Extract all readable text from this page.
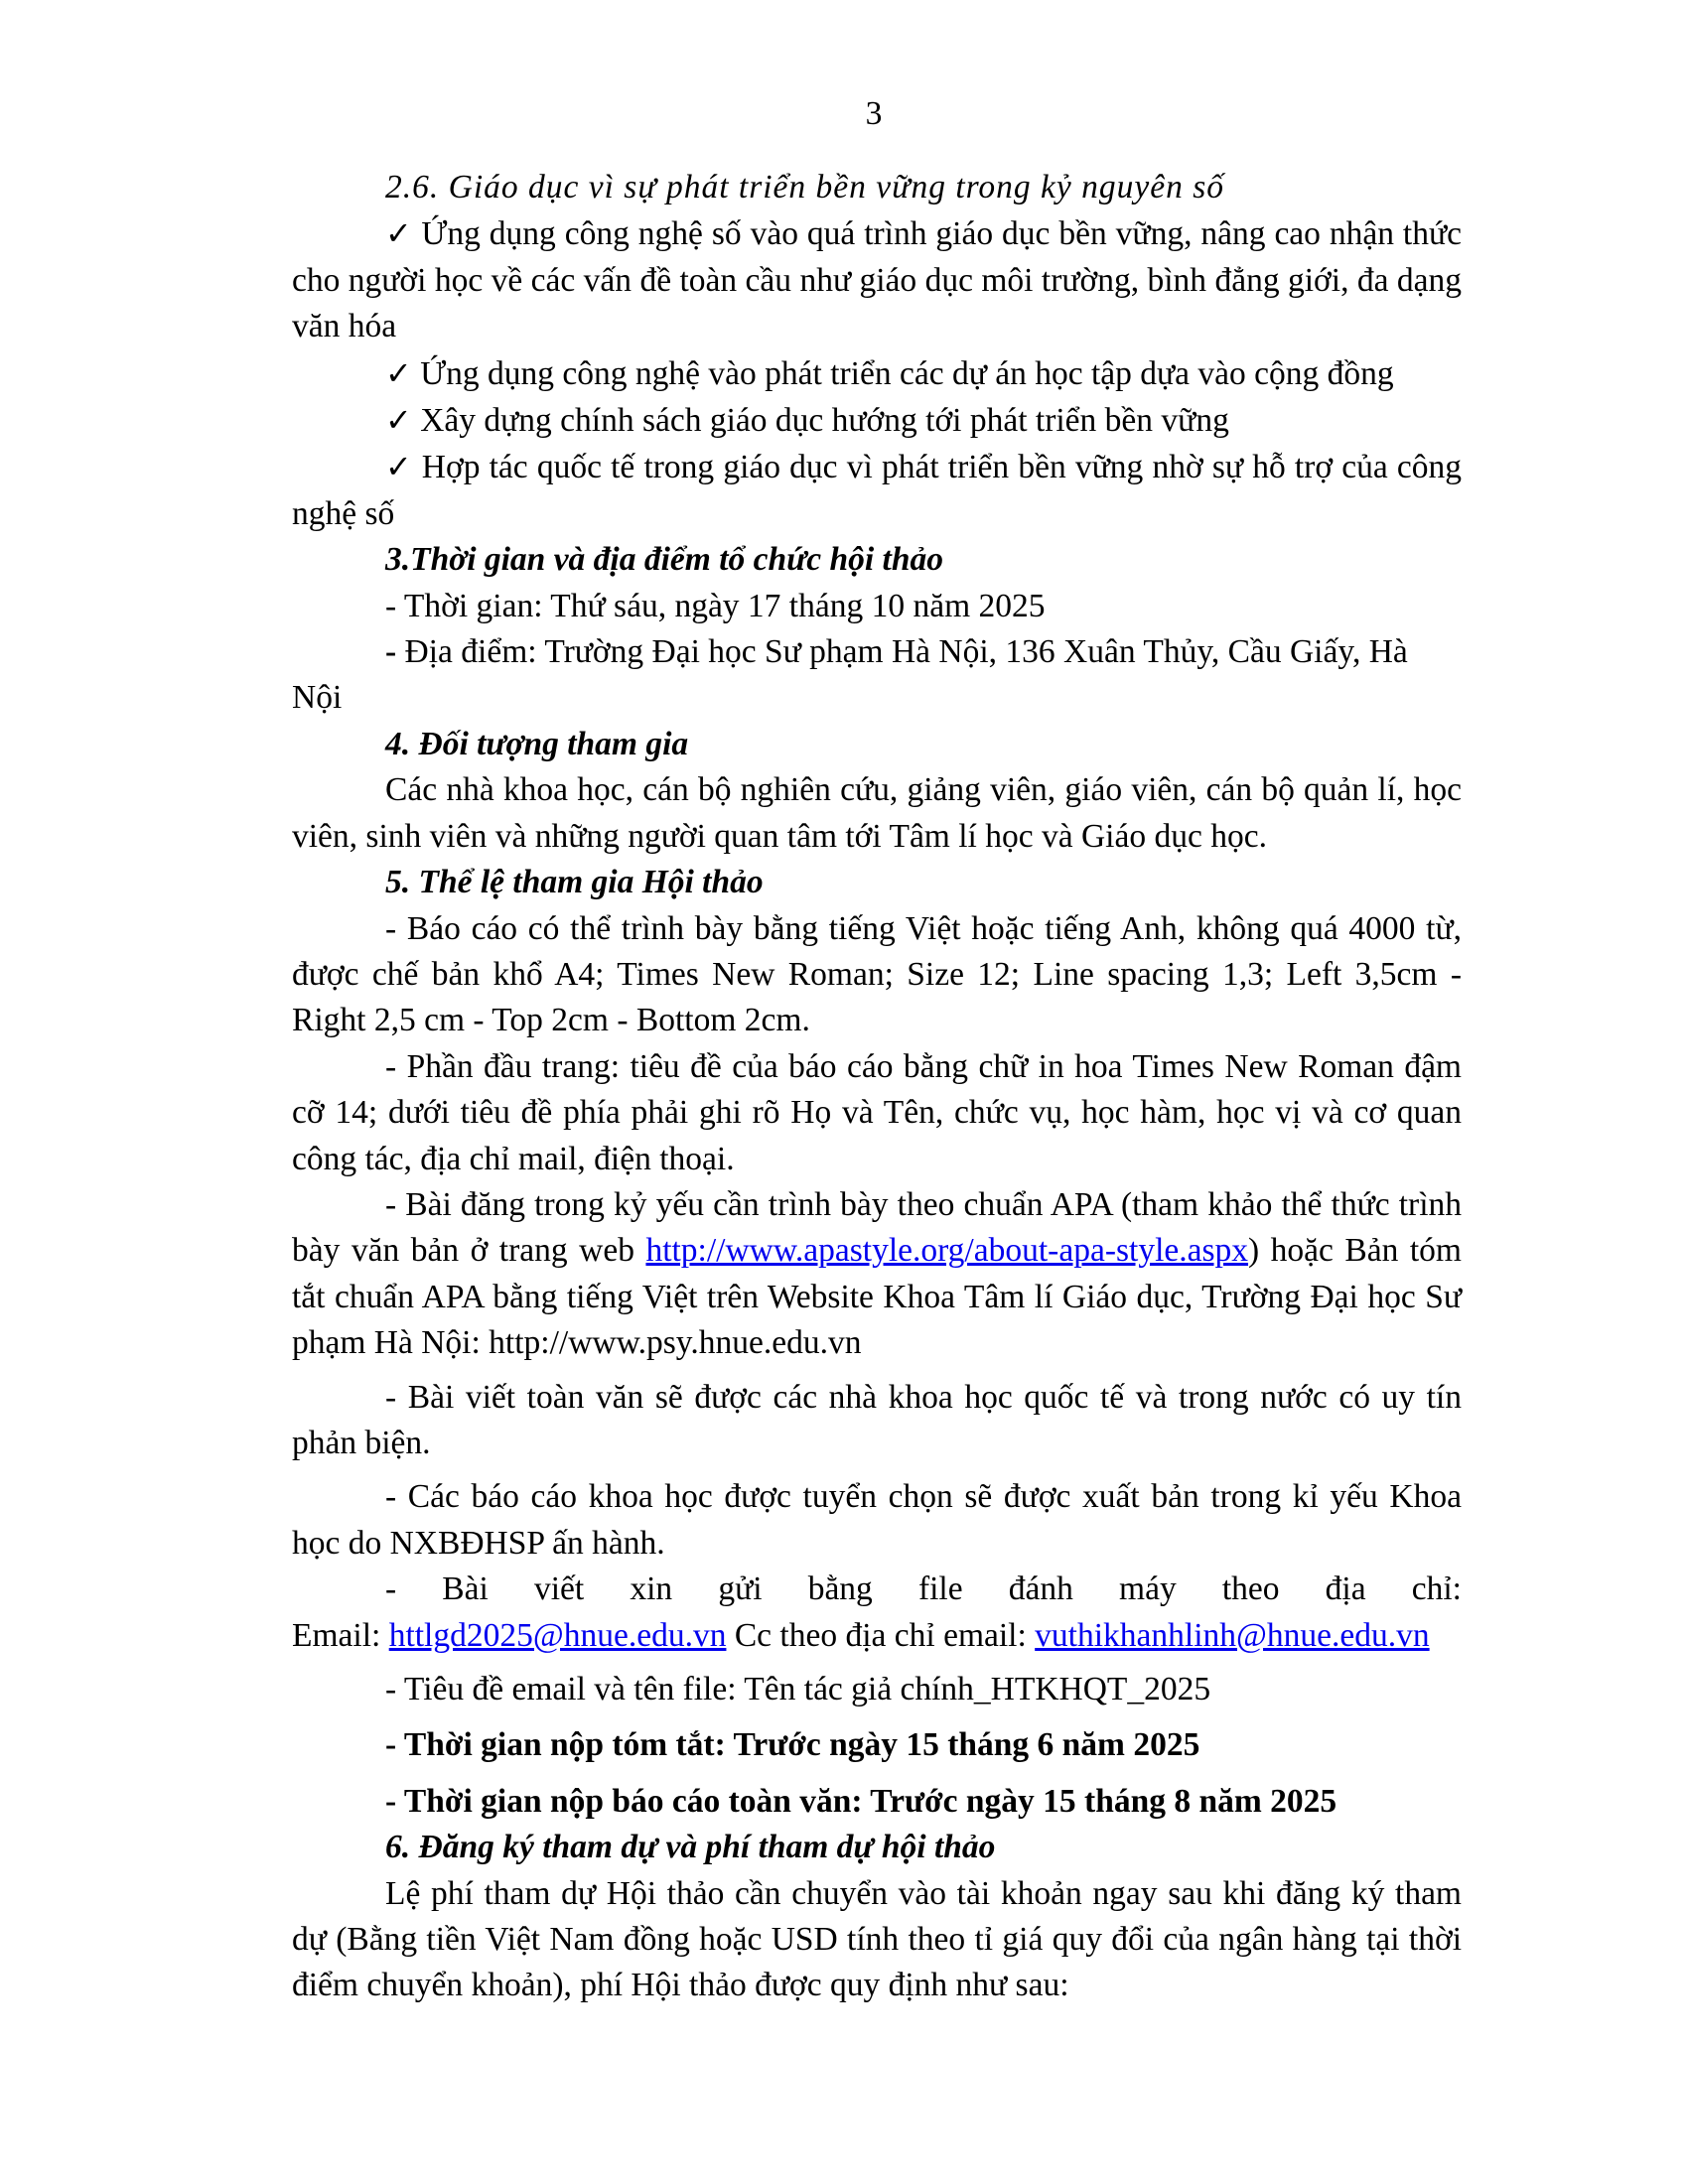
3

2.6. Giáo dục vì sự phát triển bền vững trong kỷ nguyên số

✓ Ứng dụng công nghệ số vào quá trình giáo dục bền vững, nâng cao nhận thức cho người học về các vấn đề toàn cầu như giáo dục môi trường, bình đẳng giới, đa dạng văn hóa

✓ Ứng dụng công nghệ vào phát triển các dự án học tập dựa vào cộng đồng

✓ Xây dựng chính sách giáo dục hướng tới phát triển bền vững

✓ Hợp tác quốc tế trong giáo dục vì phát triển bền vững nhờ sự hỗ trợ của công nghệ số

3.Thời gian và địa điểm tổ chức hội thảo

- Thời gian: Thứ sáu, ngày 17 tháng 10 năm 2025

- Địa điểm: Trường Đại học Sư phạm Hà Nội, 136 Xuân Thủy, Cầu Giấy, Hà Nội

4. Đối tượng tham gia

Các nhà khoa học, cán bộ nghiên cứu, giảng viên, giáo viên, cán bộ quản lí, học viên, sinh viên và những người quan tâm tới Tâm lí học và Giáo dục học.

5. Thể lệ tham gia Hội thảo

- Báo cáo có thể trình bày bằng tiếng Việt hoặc tiếng Anh, không quá 4000 từ, được chế bản khổ A4; Times New Roman; Size 12; Line spacing 1,3; Left 3,5cm - Right 2,5 cm - Top 2cm - Bottom 2cm.

- Phần đầu trang: tiêu đề của báo cáo bằng chữ in hoa Times New Roman đậm cỡ 14; dưới tiêu đề phía phải ghi rõ Họ và Tên, chức vụ, học hàm, học vị và cơ quan công tác, địa chỉ mail, điện thoại.

- Bài đăng trong kỷ yếu cần trình bày theo chuẩn APA (tham khảo thể thức trình bày văn bản ở trang web http://www.apastyle.org/about-apa-style.aspx) hoặc Bản tóm tắt chuẩn APA bằng tiếng Việt trên Website Khoa Tâm lí Giáo dục, Trường Đại học Sư phạm Hà Nội: http://www.psy.hnue.edu.vn

- Bài viết toàn văn sẽ được các nhà khoa học quốc tế và trong nước có uy tín phản biện.

- Các báo cáo khoa học được tuyển chọn sẽ được xuất bản trong kỉ yếu Khoa học do NXBĐHSP ấn hành.

- Bài viết xin gửi bằng file đánh máy theo địa chỉ:

Email: httlgd2025@hnue.edu.vn Cc theo địa chỉ email: vuthikhanhlinh@hnue.edu.vn

- Tiêu đề email và tên file: Tên tác giả chính_HTKHQT_2025

- Thời gian nộp tóm tắt: Trước ngày 15 tháng 6 năm 2025

- Thời gian nộp báo cáo toàn văn: Trước ngày 15 tháng 8 năm 2025

6. Đăng ký tham dự và phí tham dự hội thảo

Lệ phí tham dự Hội thảo cần chuyển vào tài khoản ngay sau khi đăng ký tham dự (Bằng tiền Việt Nam đồng hoặc USD tính theo tỉ giá quy đổi của ngân hàng tại thời điểm chuyển khoản), phí Hội thảo được quy định như sau:
